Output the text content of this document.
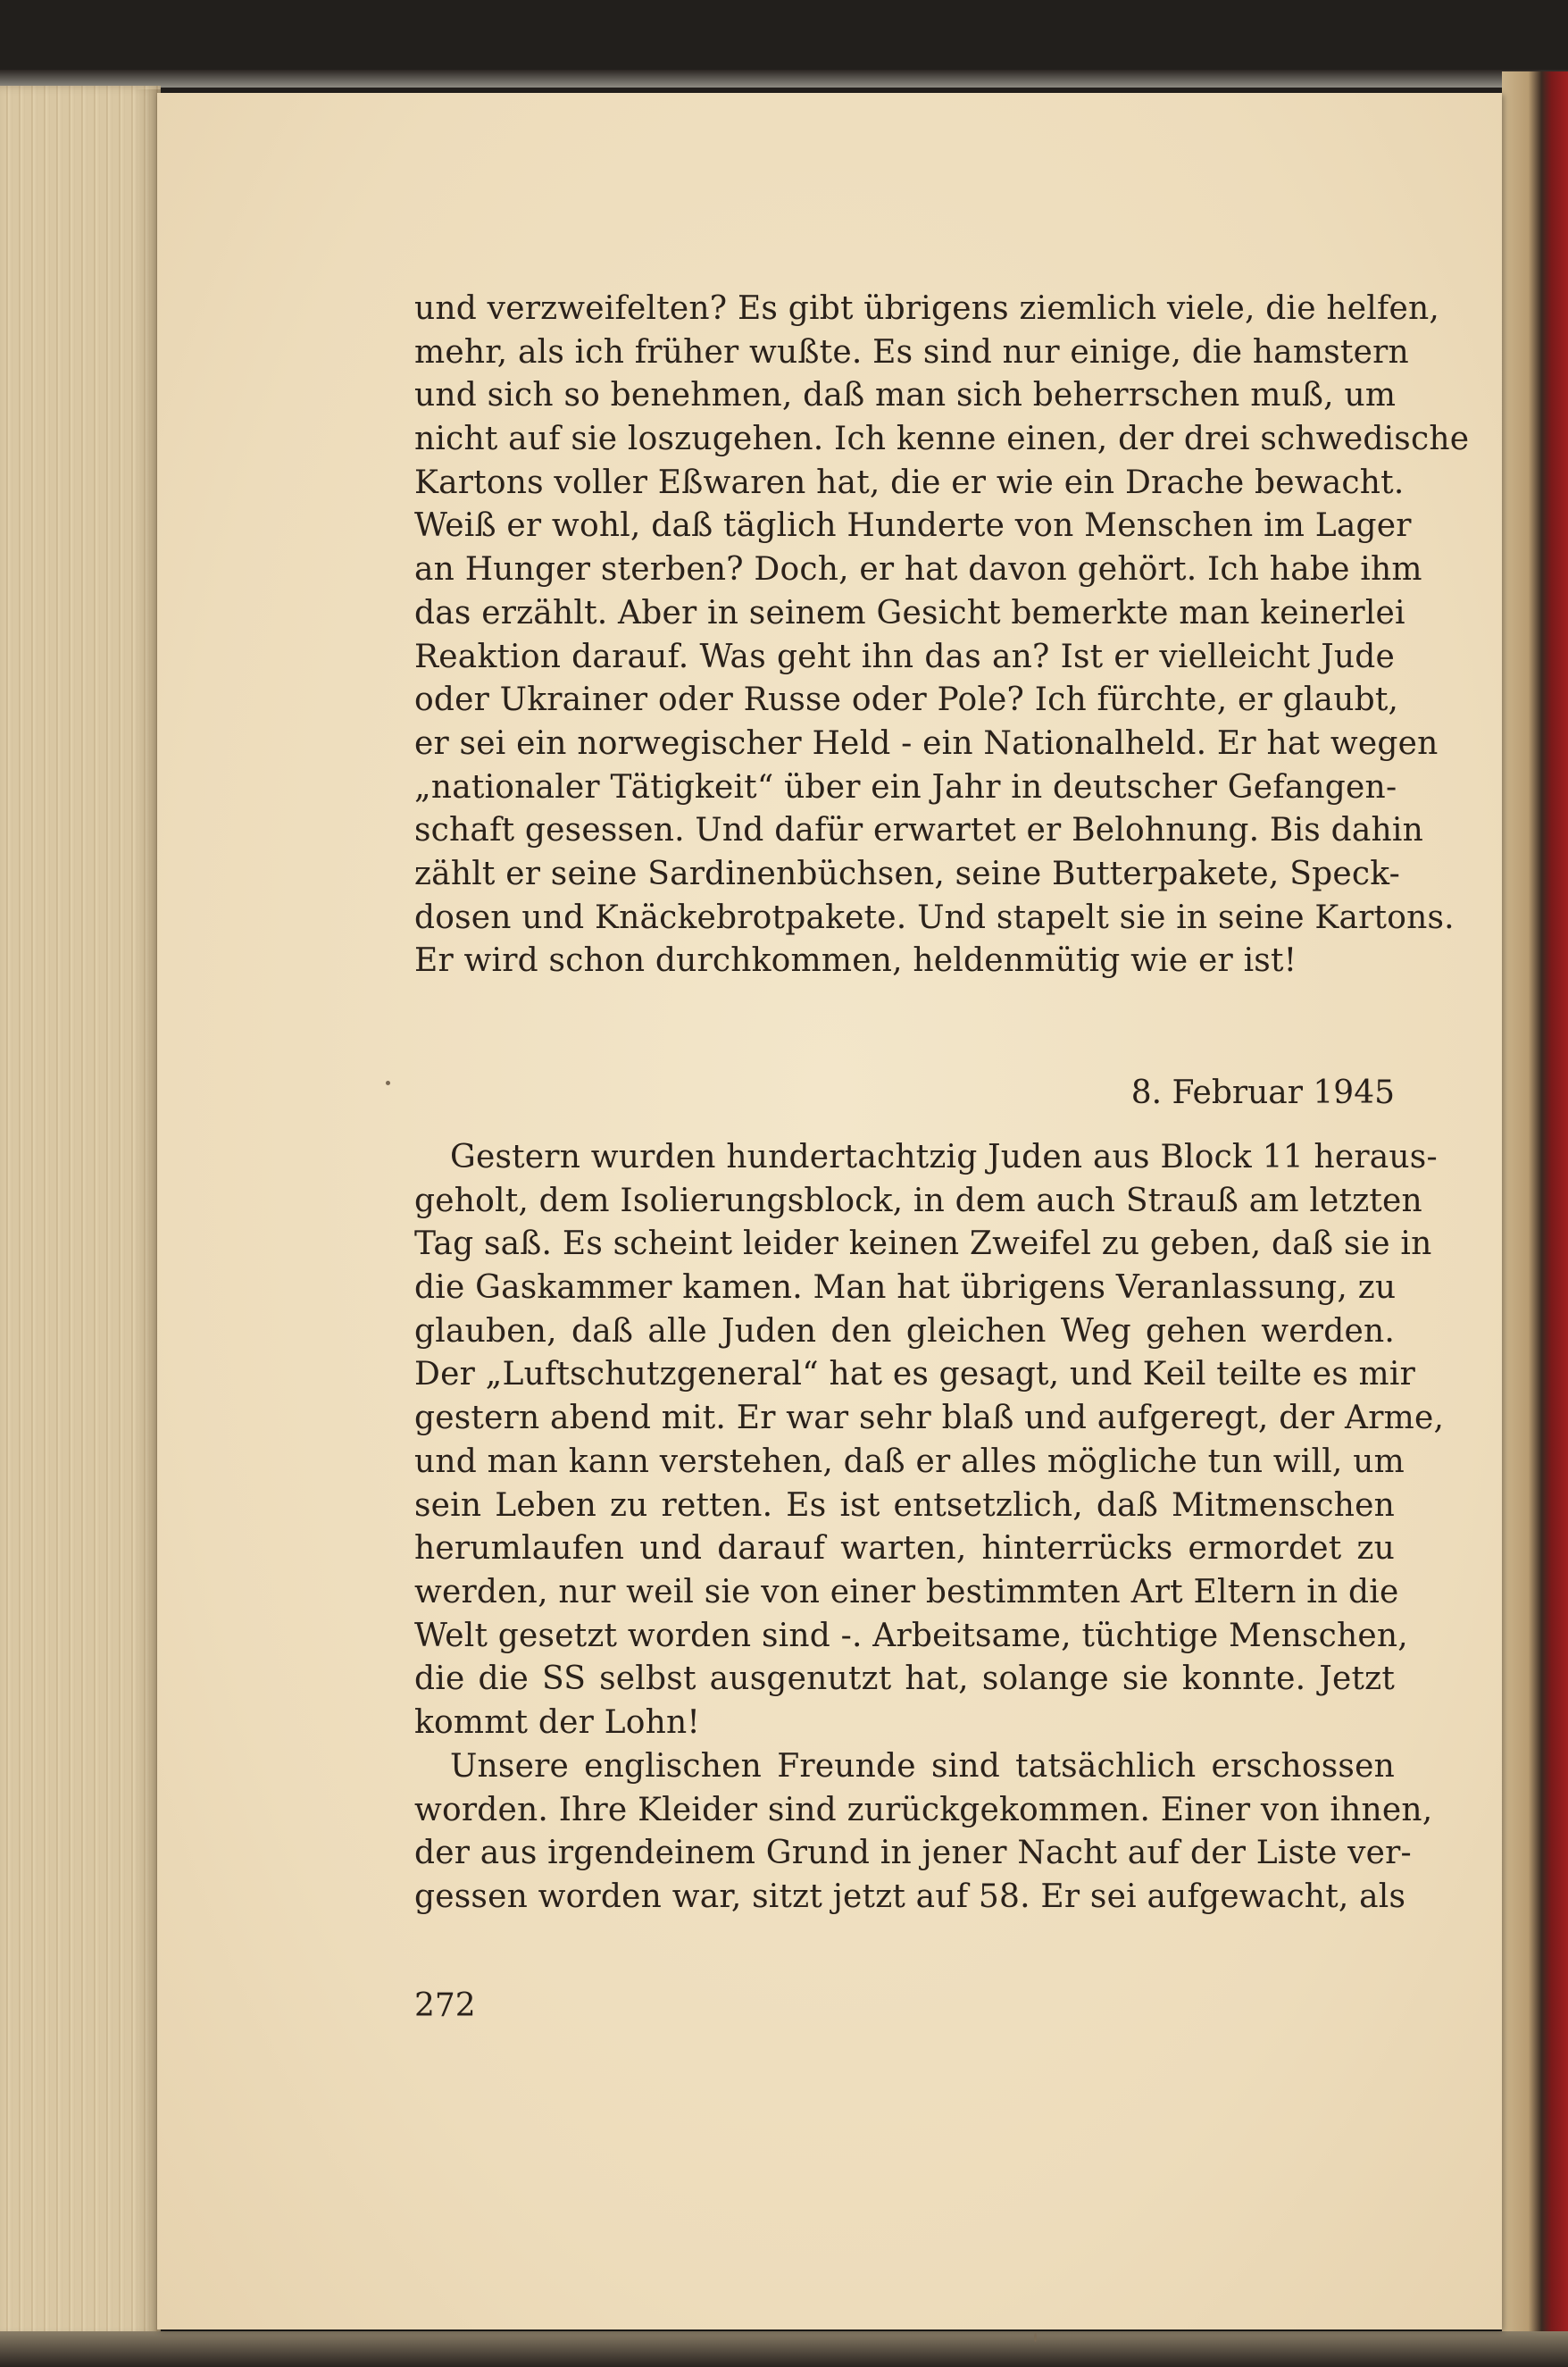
und verzweifelten? Es gibt übrigens ziemlich viele, die helfen,
mehr, als ich früher wußte. Es sind nur einige, die hamstern
und sich so benehmen, daß man sich beherrschen muß, um
nicht auf sie loszugehen. Ich kenne einen, der drei schwedische
Kartons voller Eßwaren hat, die er wie ein Drache bewacht.
Weiß er wohl, daß täglich Hunderte von Menschen im Lager
an Hunger sterben? Doch, er hat davon gehört. Ich habe ihm
das erzählt. Aber in seinem Gesicht bemerkte man keinerlei
Reaktion darauf. Was geht ihn das an? Ist er vielleicht Jude
oder Ukrainer oder Russe oder Pole? Ich fürchte, er glaubt,
er sei ein norwegischer Held - ein Nationalheld. Er hat wegen
„nationaler Tätigkeit“ über ein Jahr in deutscher Gefangen-
schaft gesessen. Und dafür erwartet er Belohnung. Bis dahin
zählt er seine Sardinenbüchsen, seine Butterpakete, Speck-
dosen und Knäckebrotpakete. Und stapelt sie in seine Kartons.
Er wird schon durchkommen, heldenmütig wie er ist!
8. Februar 1945
Gestern wurden hundertachtzig Juden aus Block 11 heraus-
geholt, dem Isolierungsblock, in dem auch Strauß am letzten
Tag saß. Es scheint leider keinen Zweifel zu geben, daß sie in
die Gaskammer kamen. Man hat übrigens Veranlassung, zu
glauben, daß alle Juden den gleichen Weg gehen werden.
Der „Luftschutzgeneral“ hat es gesagt, und Keil teilte es mir
gestern abend mit. Er war sehr blaß und aufgeregt, der Arme,
und man kann verstehen, daß er alles mögliche tun will, um
sein Leben zu retten. Es ist entsetzlich, daß Mitmenschen
herumlaufen und darauf warten, hinterrücks ermordet zu
werden, nur weil sie von einer bestimmten Art Eltern in die
Welt gesetzt worden sind -. Arbeitsame, tüchtige Menschen,
die die SS selbst ausgenutzt hat, solange sie konnte. Jetzt
kommt der Lohn!
Unsere englischen Freunde sind tatsächlich erschossen
worden. Ihre Kleider sind zurückgekommen. Einer von ihnen,
der aus irgendeinem Grund in jener Nacht auf der Liste ver-
gessen worden war, sitzt jetzt auf 58. Er sei aufgewacht, als
272
